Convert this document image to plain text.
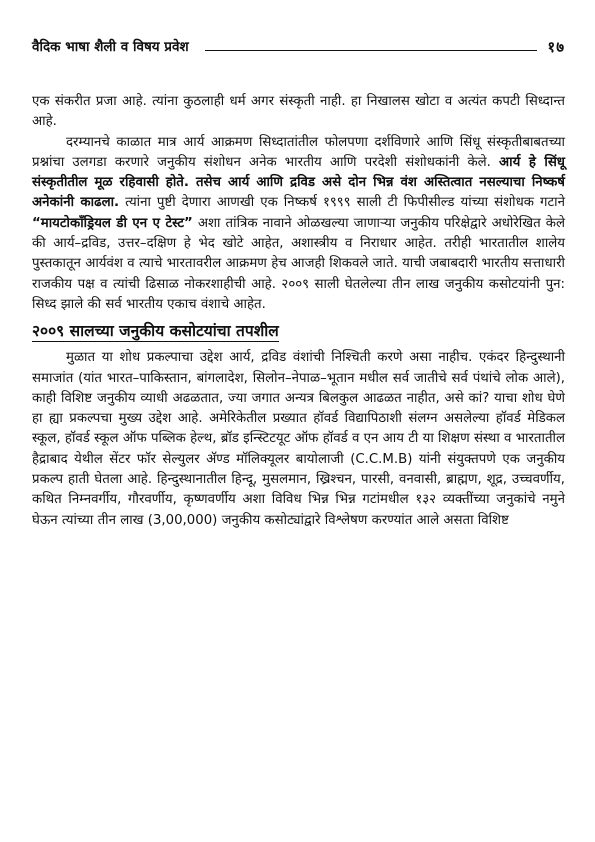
वैदिक भाषा शैली व विषय प्रवेश	१७

एक संकरीत प्रजा आहे. त्यांना कुठलाही धर्म अगर संस्कृती नाही. हा निखालस खोटा व अत्यंत कपटी सिध्दान्त आहे.

दरम्यानचे काळात मात्र आर्य आक्रमण सिध्दातांतील फोलपणा दर्शविणारे आणि सिंधू संस्कृतीबाबतच्या प्रश्नांचा उलगडा करणारे जनुकीय संशोधन अनेक भारतीय आणि परदेशी संशोधकांनी केले. आर्य हे सिंधू संस्कृतीतील मूळ रहिवासी होते. तसेच आर्य आणि द्रविड असे दोन भिन्न वंश अस्तित्वात नसल्याचा निष्कर्ष अनेकांनी काढला. त्यांना पुष्टी देणारा आणखी एक निष्कर्ष १९९९ साली टी फिपीसील्ड यांच्या संशोधक गटाने “मायटोकॉंड्रियल डी एन ए टेस्ट” अशा तांत्रिक नावाने ओळखल्या जाणाऱ्या जनुकीय परिक्षेद्वारे अधोरेखित केले की आर्य–द्रविड, उत्तर–दक्षिण हे भेद खोटे आहेत, अशास्त्रीय व निराधार आहेत. तरीही भारतातील शालेय पुस्तकातून आर्यवंश व त्याचे भारतावरील आक्रमण हेच आजही शिकवले जाते. याची जबाबदारी भारतीय सत्ताधारी राजकीय पक्ष व त्यांची ढिसाळ नोकरशाहीची आहे. २००९ साली घेतलेल्या तीन लाख जनुकीय कसोटयांनी पुन: सिध्द झाले की सर्व भारतीय एकाच वंशाचे आहेत.

२००९ सालच्या जनुकीय कसोटयांचा तपशील

मुळात या शोध प्रकल्पाचा उद्देश आर्य, द्रविड वंशांची निश्चिती करणे असा नाहीच. एकंदर हिन्दुस्थानी समाजांत (यांत भारत–पाकिस्तान, बांगलादेश, सिलोन–नेपाळ–भूतान मधील सर्व जातीचे सर्व पंथांचे लोक आले), काही विशिष्ट जनुकीय व्याधी अढळतात, ज्या जगात अन्यत्र बिलकुल आढळत नाहीत, असे कां? याचा शोध घेणे हा ह्या प्रकल्पचा मुख्य उद्देश आहे. अमेरिकेतील प्रख्यात हॉवर्ड विद्यापिठाशी संलग्न असलेल्या हॉवर्ड मेडिकल स्कूल, हॉवर्ड स्कूल ऑफ पब्लिक हेल्थ, ब्रॉड इन्स्टिटयूट ऑफ हॉवर्ड व एन आय टी या शिक्षण संस्था व भारतातील हैद्राबाद येथील सेंटर फॉर सेल्युलर ॲण्ड मॉलिक्यूलर बायोलाजी (C.C.M.B) यांनी संयुक्तपणे एक जनुकीय प्रकल्प हाती घेतला आहे. हिन्दुस्थानातील हिन्दू, मुसलमान, ख्रिश्चन, पारसी, वनवासी, ब्राह्मण, शूद्र, उच्चवर्णीय, कथित निम्नवर्गीय, गौरवर्णीय, कृष्णवर्णीय अशा विविध भिन्न भिन्न गटांमधील १३२ व्यक्तींच्या जनुकांचे नमुने घेऊन त्यांच्या तीन लाख (3,00,000) जनुकीय कसोट्यांद्वारे विश्लेषण करण्यांत आले असता विशिष्ट
